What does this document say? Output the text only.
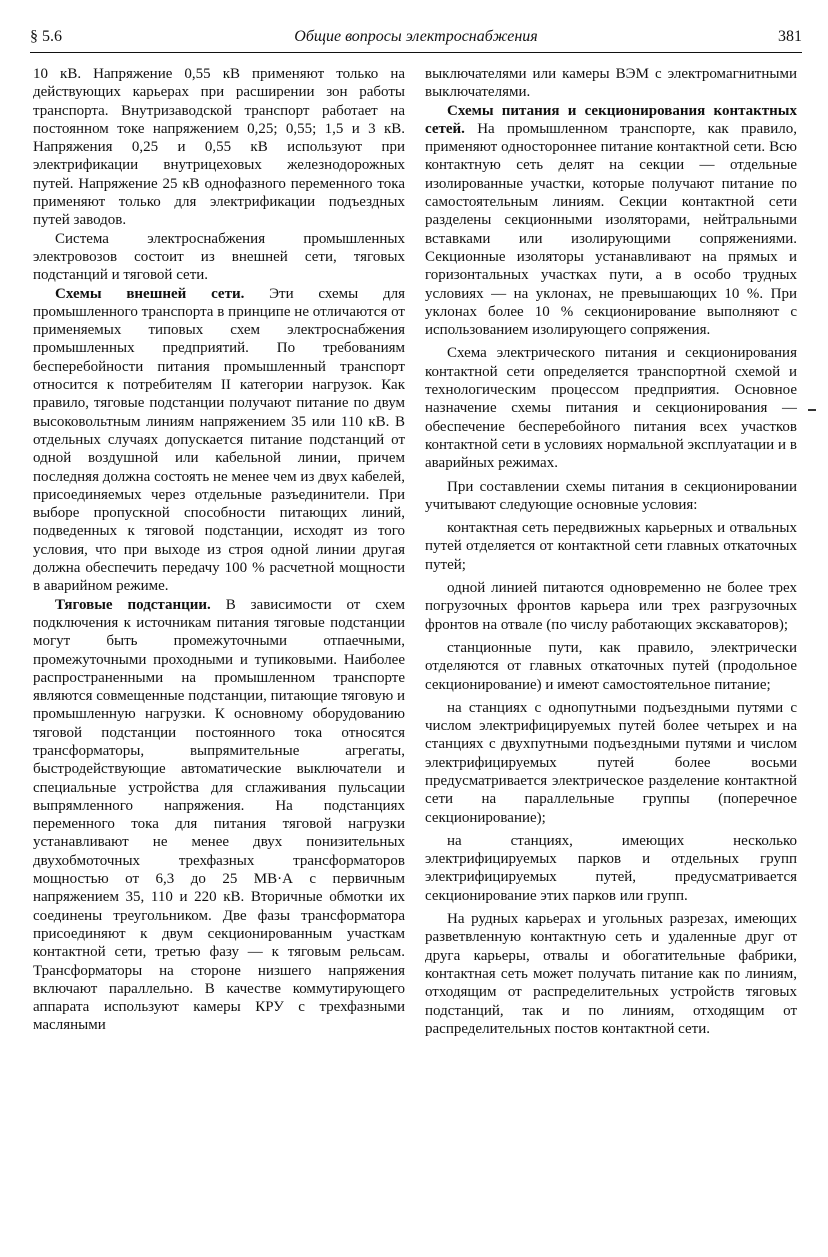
§ 5.6	Общие вопросы электроснабжения	381

10 кВ. Напряжение 0,55 кВ применяют только на действующих карьерах при расширении зон работы транспорта. Внутризаводской транспорт работает на постоянном токе напряжением 0,25; 0,55; 1,5 и 3 кВ. Напряжения 0,25 и 0,55 кВ используют при электрификации внутрицеховых железнодорожных путей. Напряжение 25 кВ однофазного переменного тока применяют только для электрификации подъездных путей заводов.

Система электроснабжения промышленных электровозов состоит из внешней сети, тяговых подстанций и тяговой сети.

Схемы внешней сети. Эти схемы для промышленного транспорта в принципе не отличаются от применяемых типовых схем электроснабжения промышленных предприятий. По требованиям бесперебойности питания промышленный транспорт относится к потребителям II категории нагрузок. Как правило, тяговые подстанции получают питание по двум высоковольтным линиям напряжением 35 или 110 кВ. В отдельных случаях допускается питание подстанций от одной воздушной или кабельной линии, причем последняя должна состоять не менее чем из двух кабелей, присоединяемых через отдельные разъединители. При выборе пропускной способности питающих линий, подведенных к тяговой подстанции, исходят из того условия, что при выходе из строя одной линии другая должна обеспечить передачу 100 % расчетной мощности в аварийном режиме.

Тяговые подстанции. В зависимости от схем подключения к источникам питания тяговые подстанции могут быть промежуточными отпаечными, промежуточными проходными и тупиковыми. Наиболее распространенными на промышленном транспорте являются совмещенные подстанции, питающие тяговую и промышленную нагрузки. К основному оборудованию тяговой подстанции постоянного тока относятся трансформаторы, выпрямительные агрегаты, быстродействующие автоматические выключатели и специальные устройства для сглаживания пульсации выпрямленного напряжения. На подстанциях переменного тока для питания тяговой нагрузки устанавливают не менее двух понизительных двухобмоточных трехфазных трансформаторов мощностью от 6,3 до 25 МВ·А с первичным напряжением 35, 110 и 220 кВ. Вторичные обмотки их соединены треугольником. Две фазы трансформатора присоединяют к двум секционированным участкам контактной сети, третью фазу — к тяговым рельсам. Трансформаторы на стороне низшего напряжения включают параллельно. В качестве коммутирующего аппарата используют камеры КРУ с трехфазными масляными

выключателями или камеры ВЭМ с электромагнитными выключателями.

Схемы питания и секционирования контактных сетей. На промышленном транспорте, как правило, применяют одностороннее питание контактной сети. Всю контактную сеть делят на секции — отдельные изолированные участки, которые получают питание по самостоятельным линиям. Секции контактной сети разделены секционными изоляторами, нейтральными вставками или изолирующими сопряжениями. Секционные изоляторы устанавливают на прямых и горизонтальных участках пути, а в особо трудных условиях — на уклонах, не превышающих 10 %. При уклонах более 10 % секционирование выполняют с использованием изолирующего сопряжения.

Схема электрического питания и секционирования контактной сети определяется транспортной схемой и технологическим процессом предприятия. Основное назначение схемы питания и секционирования — обеспечение бесперебойного питания всех участков контактной сети в условиях нормальной эксплуатации и в аварийных режимах.

При составлении схемы питания в секционировании учитывают следующие основные условия:

контактная сеть передвижных карьерных и отвальных путей отделяется от контактной сети главных откаточных путей;

одной линией питаются одновременно не более трех погрузочных фронтов карьера или трех разгрузочных фронтов на отвале (по числу работающих экскаваторов);

станционные пути, как правило, электрически отделяются от главных откаточных путей (продольное секционирование) и имеют самостоятельное питание;

на станциях с однопутными подъездными путями с числом электрифицируемых путей более четырех и на станциях с двухпутными подъездными путями и числом электрифицируемых путей более восьми предусматривается электрическое разделение контактной сети на параллельные группы (поперечное секционирование);

на станциях, имеющих несколько электрифицируемых парков и отдельных групп электрифицируемых путей, предусматривается секционирование этих парков или групп.

На рудных карьерах и угольных разрезах, имеющих разветвленную контактную сеть и удаленные друг от друга карьеры, отвалы и обогатительные фабрики, контактная сеть может получать питание как по линиям, отходящим от распределительных устройств тяговых подстанций, так и по линиям, отходящим от распределительных постов контактной сети.
